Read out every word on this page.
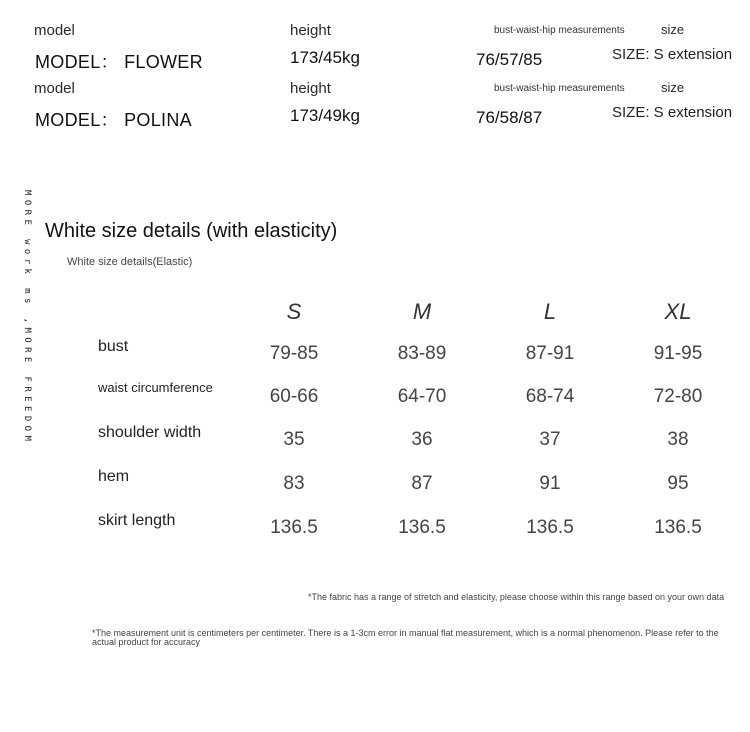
model	height	bust-waist-hip measurements	size
MODEL： FLOWER	173/45kg	76/57/85	SIZE: S extension
model	height	bust-waist-hip measurements	size
MODEL： POLINA	173/49kg	76/58/87	SIZE: S extension
MORE work ms ,MORE FREEDOM White size details (with elasticity)
White size details(Elastic)
	S	M	L	XL
bust	79-85	83-89	87-91	91-95
waist circumference	60-66	64-70	68-74	72-80
shoulder width	35	36	37	38
hem	83	87	91	95
skirt length	136.5	136.5	136.5	136.5
*The fabric has a range of stretch and elasticity, please choose within this range based on your own data
*The measurement unit is centimeters per centimeter. There is a 1-3cm error in manual flat measurement, which is a normal phenomenon. Please refer to the actual product for accuracy
